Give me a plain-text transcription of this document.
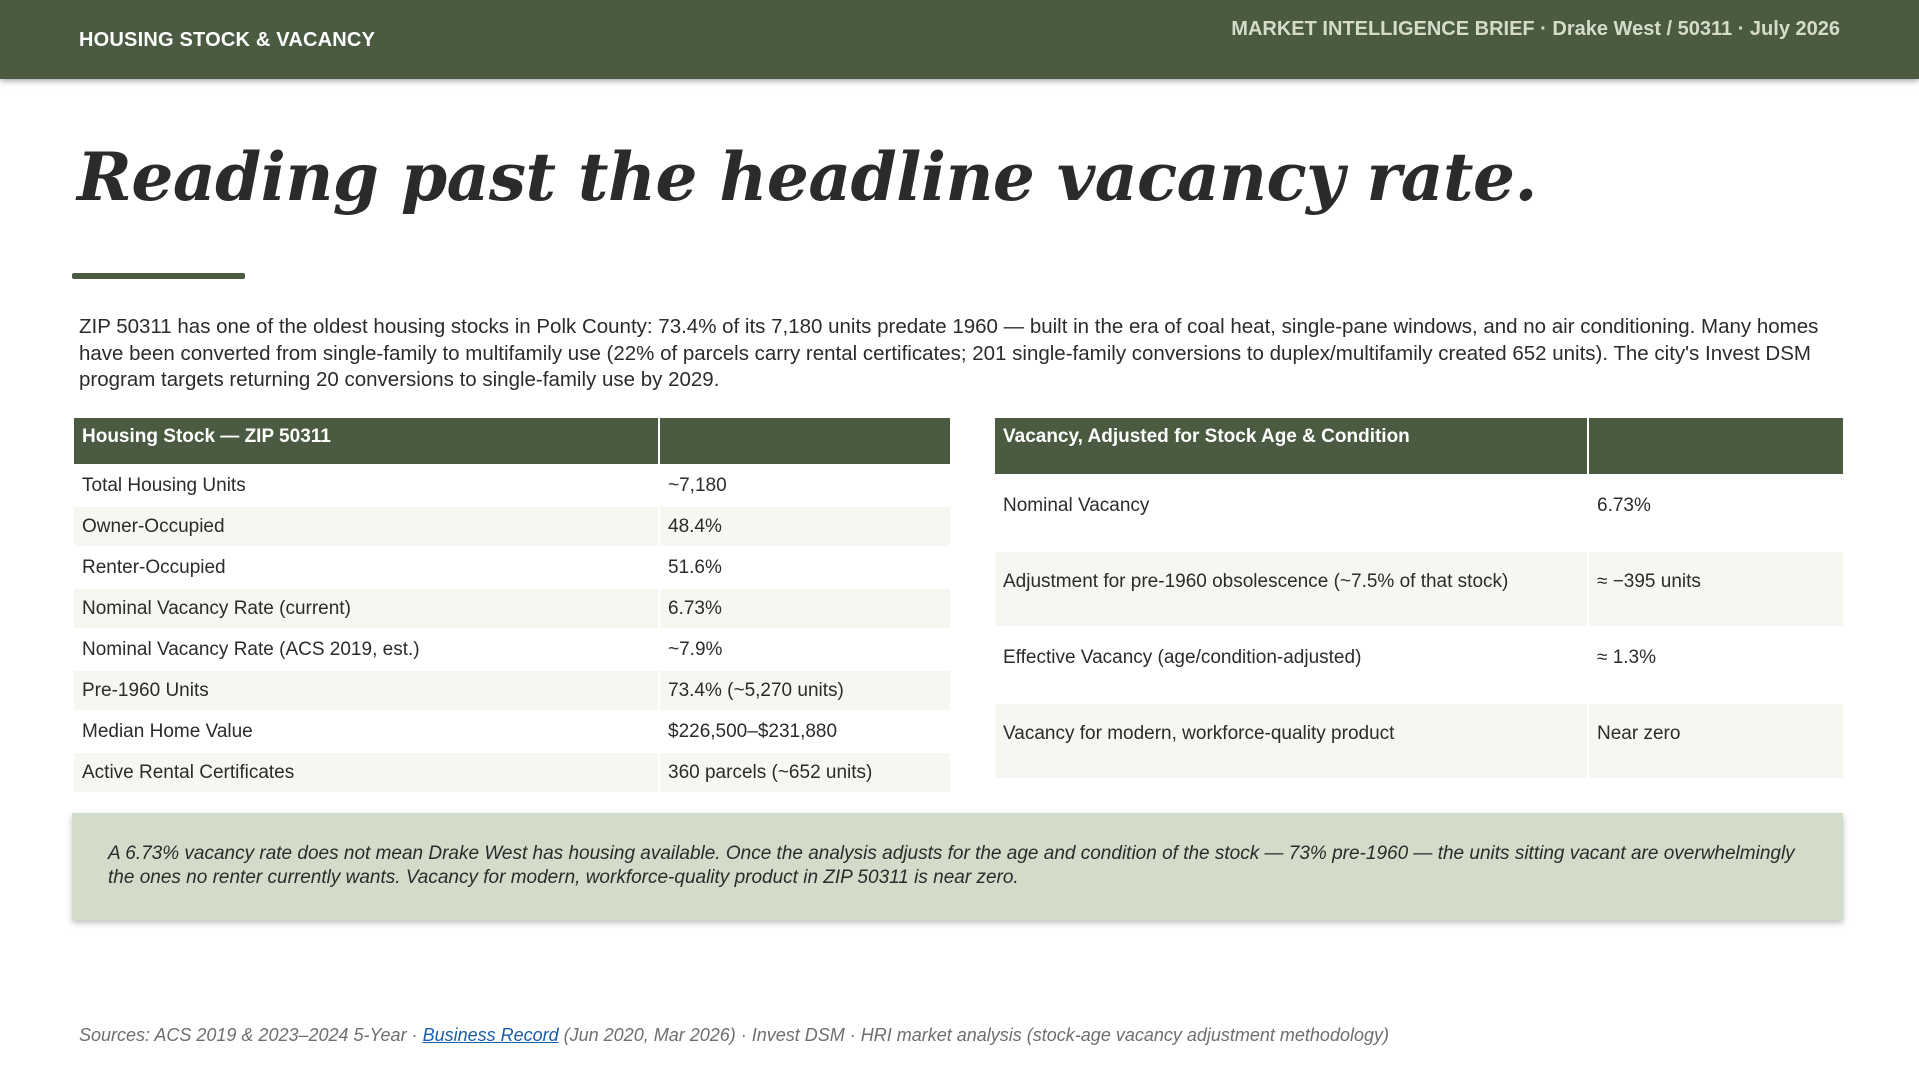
HOUSING STOCK & VACANCY	MARKET INTELLIGENCE BRIEF · Drake West / 50311 · July 2026
Reading past the headline vacancy rate.

ZIP 50311 has one of the oldest housing stocks in Polk County: 73.4% of its 7,180 units predate 1960 — built in the era of coal heat, single-pane windows, and no air conditioning. Many homes have been converted from single-family to multifamily use (22% of parcels carry rental certificates; 201 single-family conversions to duplex/multifamily created 652 units). The city's Invest DSM program targets returning 20 conversions to single-family use by 2029.

Housing Stock — ZIP 50311	
Total Housing Units	~7,180
Owner-Occupied	48.4%
Renter-Occupied	51.6%
Nominal Vacancy Rate (current)	6.73%
Nominal Vacancy Rate (ACS 2019, est.)	~7.9%
Pre-1960 Units	73.4% (~5,270 units)
Median Home Value	$226,500–$231,880
Active Rental Certificates	360 parcels (~652 units)
Vacancy, Adjusted for Stock Age & Condition	
Nominal Vacancy	6.73%
Adjustment for pre-1960 obsolescence (~7.5% of that stock)	≈ −395 units
Effective Vacancy (age/condition-adjusted)	≈ 1.3%
Vacancy for modern, workforce-quality product	Near zero

A 6.73% vacancy rate does not mean Drake West has housing available. Once the analysis adjusts for the age and condition of the stock — 73% pre-1960 — the units sitting vacant are overwhelmingly the ones no renter currently wants. Vacancy for modern, workforce-quality product in ZIP 50311 is near zero.

Sources: ACS 2019 & 2023–2024 5-Year · Business Record (Jun 2020, Mar 2026) · Invest DSM · HRI market analysis (stock-age vacancy adjustment methodology)
